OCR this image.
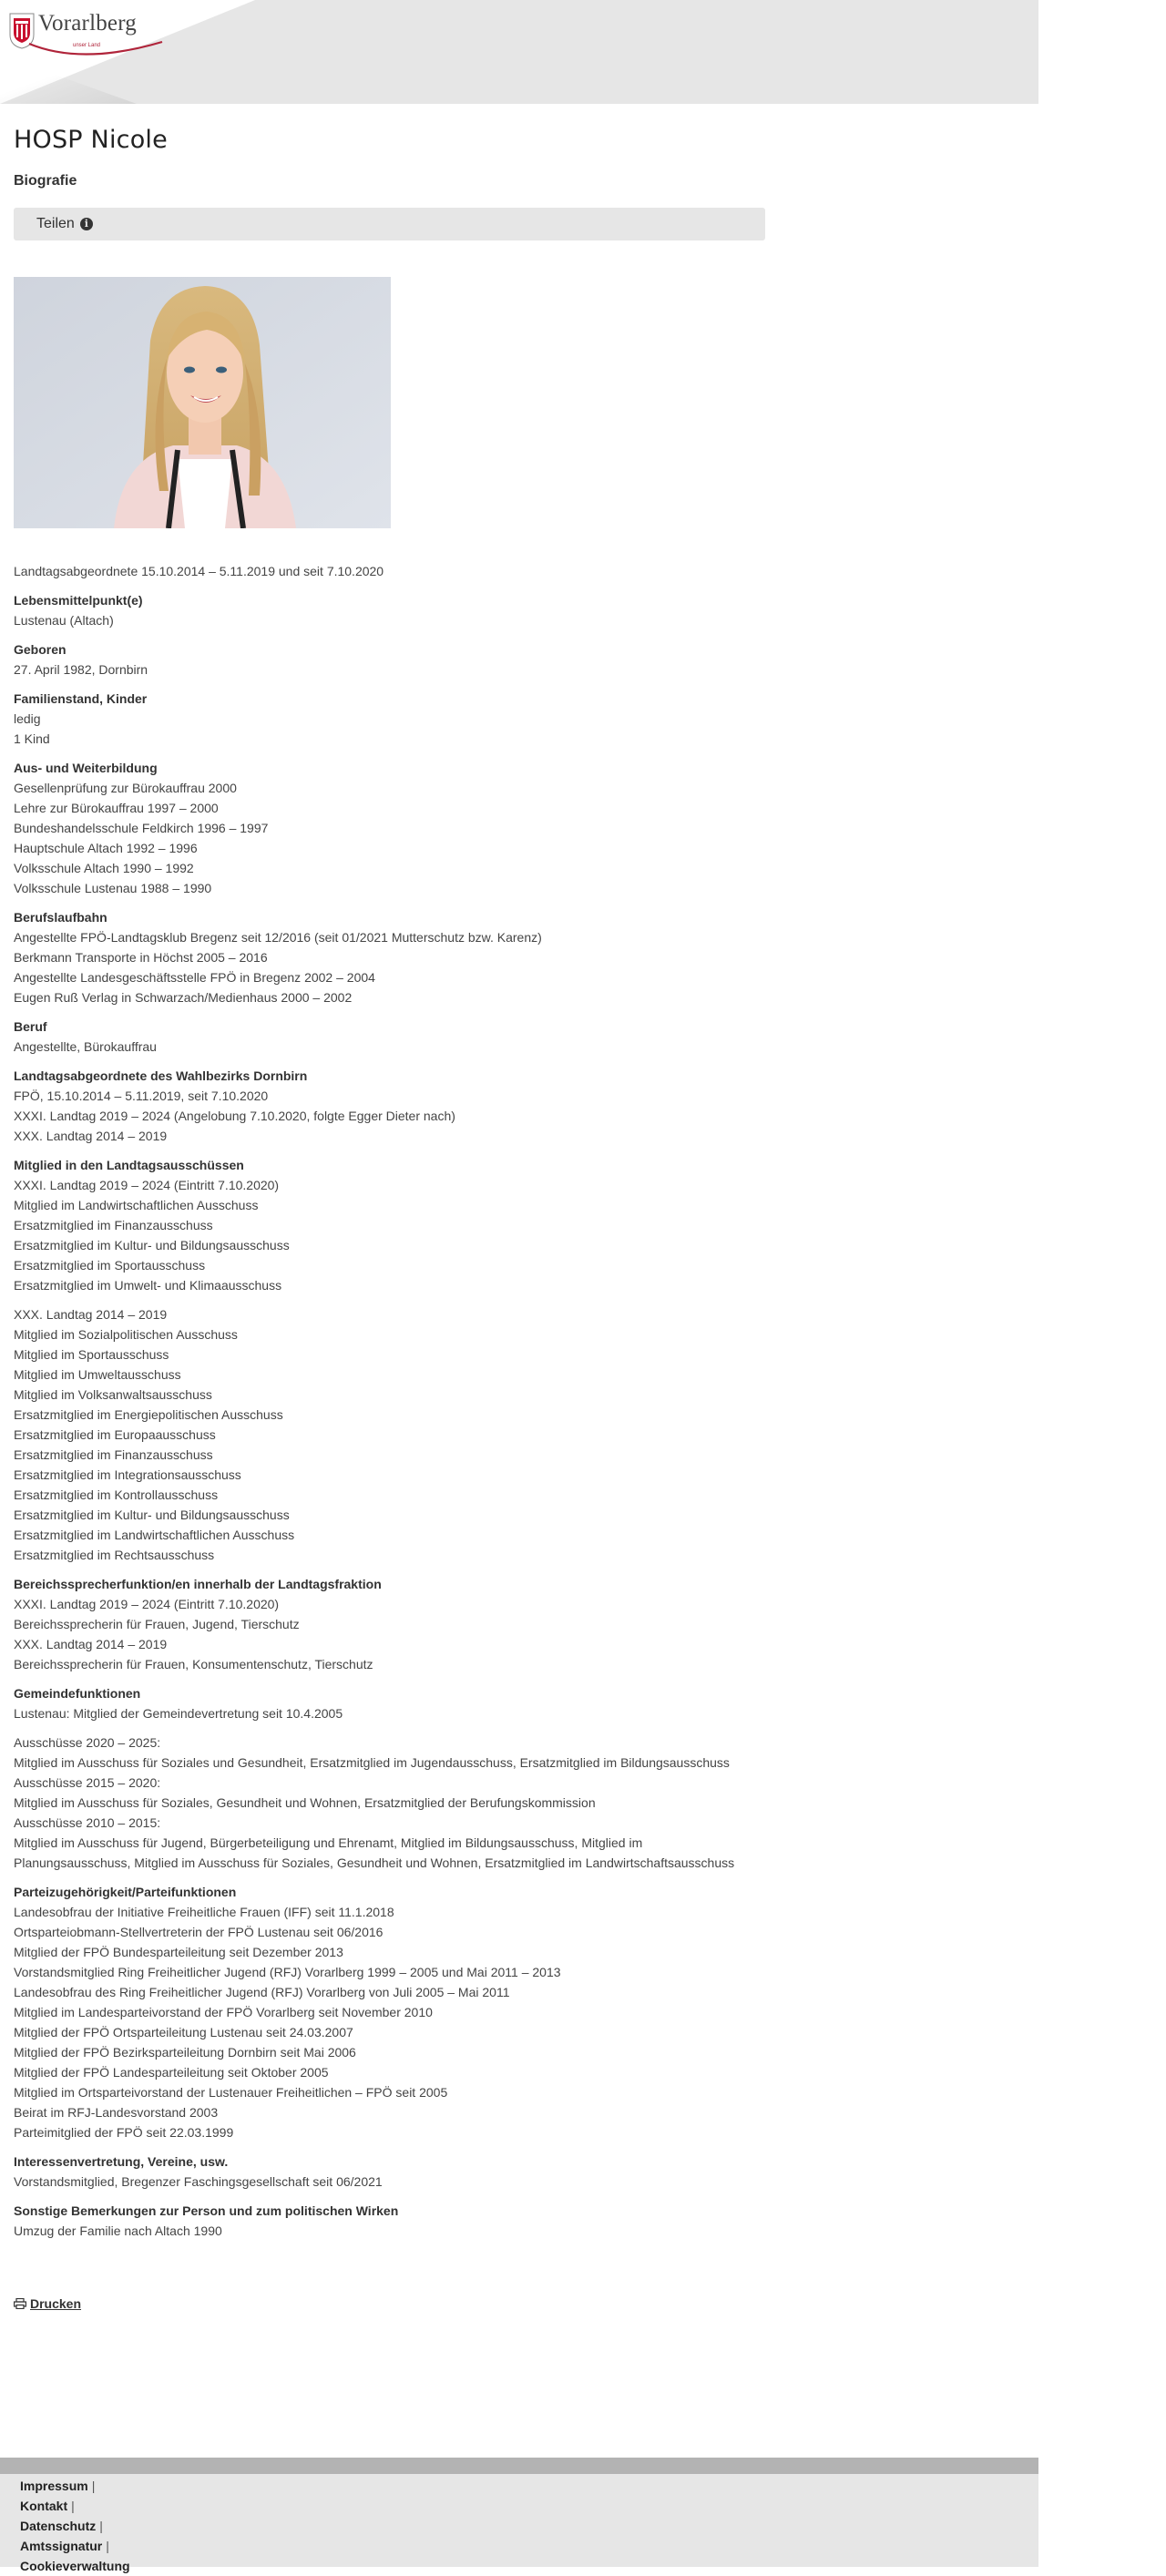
Vorarlberg
unser Land
HOSP Nicole
Biografie
Teilen i
Landtagsabgeordnete 15.10.2014 – 5.11.2019 und seit 7.10.2020
Lebensmittelpunkt(e)
Lustenau (Altach)
Geboren
27. April 1982, Dornbirn
Familienstand, Kinder
ledig
1 Kind
Aus- und Weiterbildung
Gesellenprüfung zur Bürokauffrau 2000
Lehre zur Bürokauffrau 1997 – 2000
Bundeshandelsschule Feldkirch 1996 – 1997
Hauptschule Altach 1992 – 1996
Volksschule Altach 1990 – 1992
Volksschule Lustenau 1988 – 1990
Berufslaufbahn
Angestellte FPÖ-Landtagsklub Bregenz seit 12/2016 (seit 01/2021 Mutterschutz bzw. Karenz)
Berkmann Transporte in Höchst 2005 – 2016
Angestellte Landesgeschäftsstelle FPÖ in Bregenz 2002 – 2004
Eugen Ruß Verlag in Schwarzach/Medienhaus 2000 – 2002
Beruf
Angestellte, Bürokauffrau
Landtagsabgeordnete des Wahlbezirks Dornbirn
FPÖ, 15.10.2014 – 5.11.2019, seit 7.10.2020
XXXI. Landtag 2019 – 2024 (Angelobung 7.10.2020, folgte Egger Dieter nach)
XXX. Landtag 2014 – 2019
Mitglied in den Landtagsausschüssen
XXXI. Landtag 2019 – 2024 (Eintritt 7.10.2020)
Mitglied im Landwirtschaftlichen Ausschuss
Ersatzmitglied im Finanzausschuss
Ersatzmitglied im Kultur- und Bildungsausschuss
Ersatzmitglied im Sportausschuss
Ersatzmitglied im Umwelt- und Klimaausschuss
XXX. Landtag 2014 – 2019
Mitglied im Sozialpolitischen Ausschuss
Mitglied im Sportausschuss
Mitglied im Umweltausschuss
Mitglied im Volksanwaltsausschuss
Ersatzmitglied im Energiepolitischen Ausschuss
Ersatzmitglied im Europaausschuss
Ersatzmitglied im Finanzausschuss
Ersatzmitglied im Integrationsausschuss
Ersatzmitglied im Kontrollausschuss
Ersatzmitglied im Kultur- und Bildungsausschuss
Ersatzmitglied im Landwirtschaftlichen Ausschuss
Ersatzmitglied im Rechtsausschuss
Bereichssprecherfunktion/en innerhalb der Landtagsfraktion
XXXI. Landtag 2019 – 2024 (Eintritt 7.10.2020)
Bereichssprecherin für Frauen, Jugend, Tierschutz
XXX. Landtag 2014 – 2019
Bereichssprecherin für Frauen, Konsumentenschutz, Tierschutz
Gemeindefunktionen
Lustenau: Mitglied der Gemeindevertretung seit 10.4.2005
Ausschüsse 2020 – 2025:
Mitglied im Ausschuss für Soziales und Gesundheit, Ersatzmitglied im Jugendausschuss, Ersatzmitglied im Bildungsausschuss
Ausschüsse 2015 – 2020:
Mitglied im Ausschuss für Soziales, Gesundheit und Wohnen, Ersatzmitglied der Berufungskommission
Ausschüsse 2010 – 2015:
Mitglied im Ausschuss für Jugend, Bürgerbeteiligung und Ehrenamt, Mitglied im Bildungsausschuss, Mitglied im
Planungsausschuss, Mitglied im Ausschuss für Soziales, Gesundheit und Wohnen, Ersatzmitglied im Landwirtschaftsausschuss
Parteizugehörigkeit/Parteifunktionen
Landesobfrau der Initiative Freiheitliche Frauen (IFF) seit 11.1.2018
Ortsparteiobmann-Stellvertreterin der FPÖ Lustenau seit 06/2016
Mitglied der FPÖ Bundesparteileitung seit Dezember 2013
Vorstandsmitglied Ring Freiheitlicher Jugend (RFJ) Vorarlberg 1999 – 2005 und Mai 2011 – 2013
Landesobfrau des Ring Freiheitlicher Jugend (RFJ) Vorarlberg von Juli 2005 – Mai 2011
Mitglied im Landesparteivorstand der FPÖ Vorarlberg seit November 2010
Mitglied der FPÖ Ortsparteileitung Lustenau seit 24.03.2007
Mitglied der FPÖ Bezirksparteileitung Dornbirn seit Mai 2006
Mitglied der FPÖ Landesparteileitung seit Oktober 2005
Mitglied im Ortsparteivorstand der Lustenauer Freiheitlichen – FPÖ seit 2005
Beirat im RFJ-Landesvorstand 2003
Parteimitglied der FPÖ seit 22.03.1999
Interessenvertretung, Vereine, usw.
Vorstandsmitglied, Bregenzer Faschingsgesellschaft seit 06/2021
Sonstige Bemerkungen zur Person und zum politischen Wirken
Umzug der Familie nach Altach 1990
Drucken
Impressum |
Kontakt |
Datenschutz |
Amtssignatur |
Cookieverwaltung
